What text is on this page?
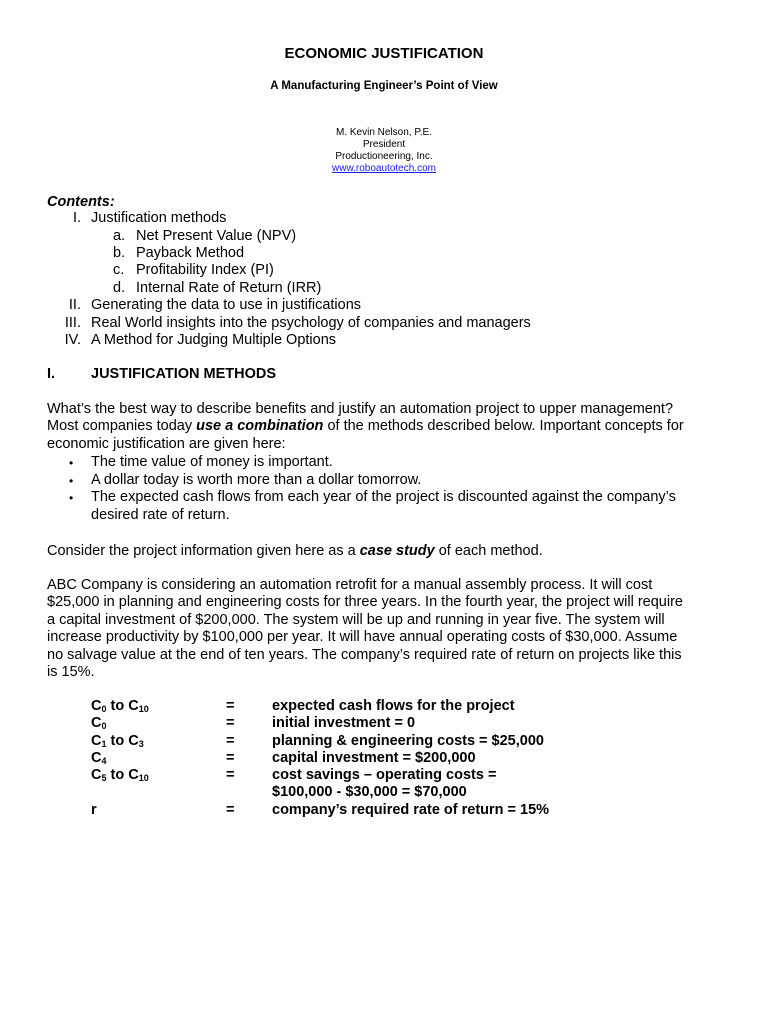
ECONOMIC JUSTIFICATION
A Manufacturing Engineer’s Point of View
M. Kevin Nelson, P.E.
President
Productioneering, Inc.
www.roboautotech.com
Contents:
I. Justification methods
a. Net Present Value (NPV)
b. Payback Method
c. Profitability Index (PI)
d. Internal Rate of Return (IRR)
II. Generating the data to use in justifications
III. Real World insights into the psychology of companies and managers
IV. A Method for Judging Multiple Options
I. JUSTIFICATION METHODS
What’s the best way to describe benefits and justify an automation project to upper management?
Most companies today use a combination of the methods described below. Important concepts for
economic justification are given here:
• The time value of money is important.
• A dollar today is worth more than a dollar tomorrow.
• The expected cash flows from each year of the project is discounted against the company’s
desired rate of return.
Consider the project information given here as a case study of each method.
ABC Company is considering an automation retrofit for a manual assembly process. It will cost
$25,000 in planning and engineering costs for three years. In the fourth year, the project will require
a capital investment of $200,000. The system will be up and running in year five. The system will
increase productivity by $100,000 per year. It will have annual operating costs of $30,000. Assume
no salvage value at the end of ten years. The company’s required rate of return on projects like this
is 15%.
$C_0$ to $C_{10}$	=	expected cash flows for the project
$C_0$	=	initial investment = 0
$C_1$ to $C_3$	=	planning & engineering costs = $25,000
$C_4$	=	capital investment = $200,000
$C_5$ to $C_{10}$	=	cost savings – operating costs =
$100,000 - $30,000 = $70,000
r	=	company’s required rate of return = 15%
